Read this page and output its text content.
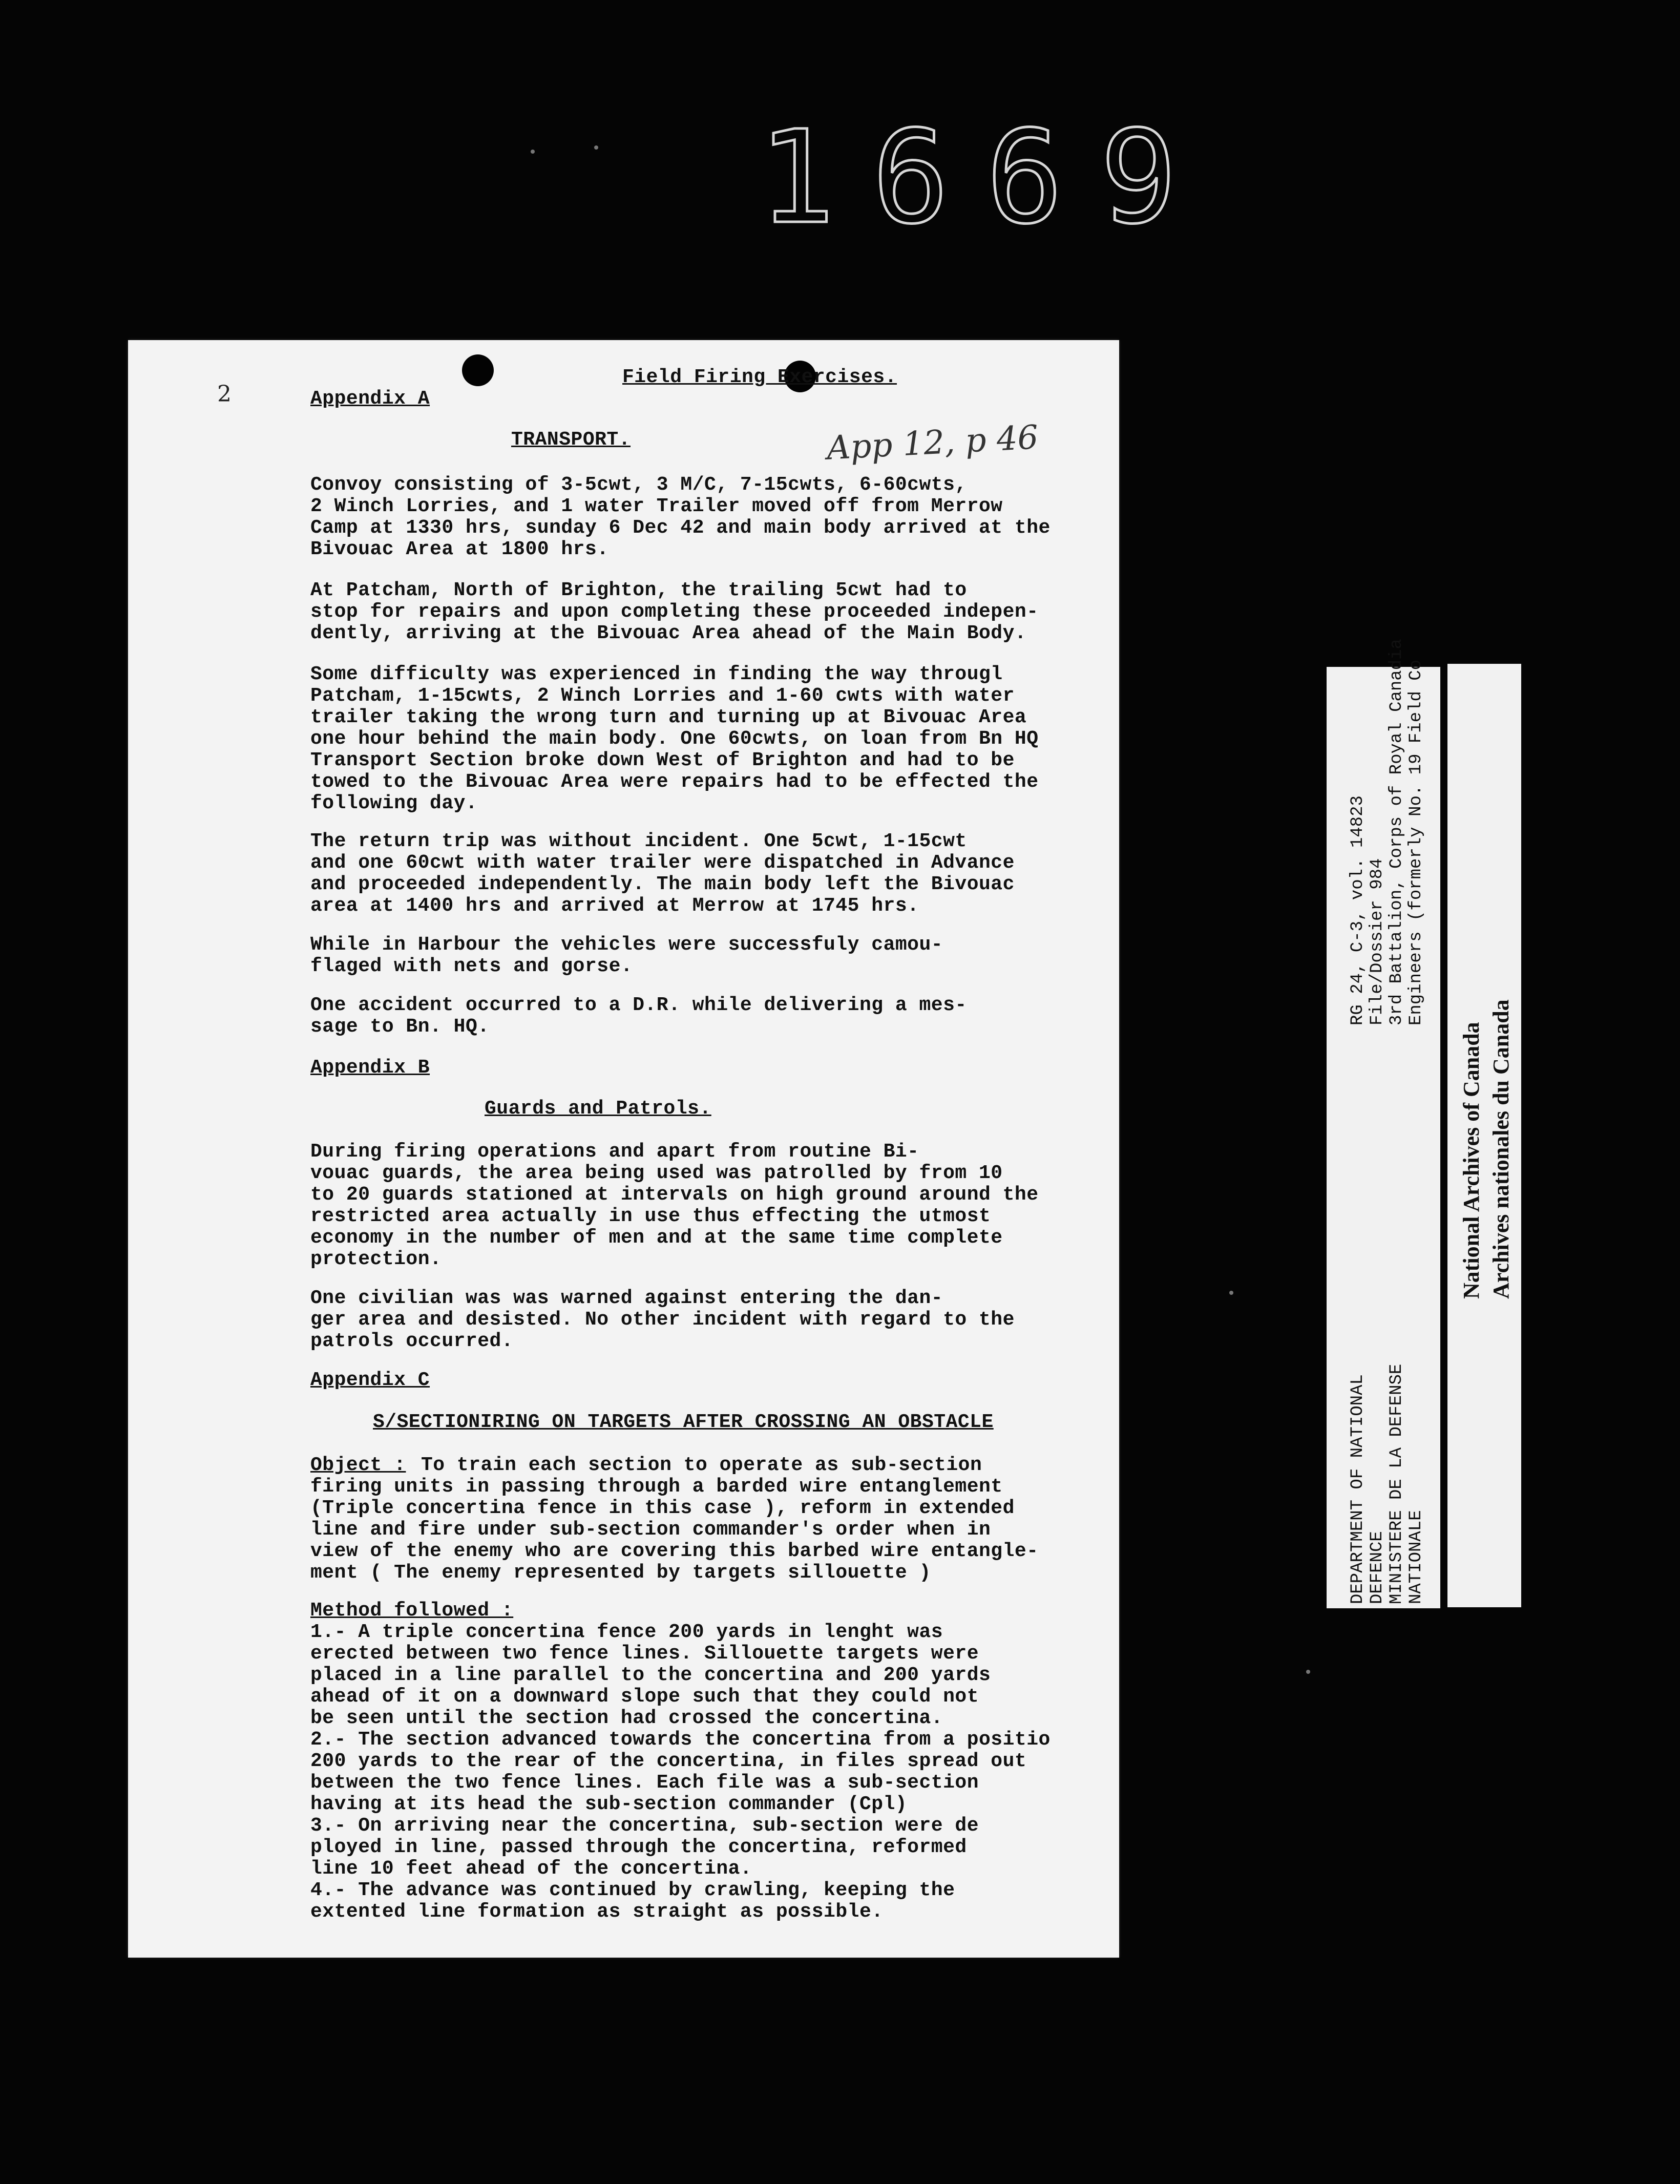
1669
2	Appendix A
Field Firing Exercises.
TRANSPORT.	App 12, p 46
Convoy consisting of 3-5cwt, 3 M/C, 7-15cwts, 6-60cwts,
2 Winch Lorries, and 1 water Trailer moved off from Merrow
Camp at 1330 hrs, sunday 6 Dec 42 and main body arrived at the
Bivouac Area at 1800 hrs.
At Patcham, North of Brighton, the trailing 5cwt had to
stop for repairs and upon completing these proceeded indepen-
dently, arriving at the Bivouac Area ahead of the Main Body.
Some difficulty was experienced in finding the way througl
Patcham, 1-15cwts, 2 Winch Lorries and 1-60 cwts with water
trailer taking the wrong turn and turning up at Bivouac Area
one hour behind the main body. One 60cwts, on loan from Bn HQ
Transport Section broke down West of Brighton and had to be
towed to the Bivouac Area were repairs had to be effected the
following day.
The return trip was without incident. One 5cwt, 1-15cwt
and one 60cwt with water trailer were dispatched in Advance
and proceeded independently. The main body left the Bivouac
area at 1400 hrs and arrived at Merrow at 1745 hrs.
While in Harbour the vehicles were successfuly camou-
flaged with nets and gorse.
One accident occurred to a D.R. while delivering a mes-
sage to Bn. HQ.
Appendix B
Guards and Patrols.
During firing operations and apart from routine Bi-
vouac guards, the area being used was patrolled by from 10
to 20 guards stationed at intervals on high ground around the
restricted area actually in use thus effecting the utmost
economy in the number of men and at the same time complete
protection.
One civilian was was warned against entering the dan-
ger area and desisted. No other incident with regard to the
patrols occurred.
Appendix C
S/SECTIONIRING ON TARGETS AFTER CROSSING AN OBSTACLE
Object : To train each section to operate as sub-section
firing units in passing through a barded wire entanglement
(Triple concertina fence in this case ), reform in extended
line and fire under sub-section commander's order when in
view of the enemy who are covering this barbed wire entangle-
ment ( The enemy represented by targets sillouette )
Method followed :
1.- A triple concertina fence 200 yards in lenght was
erected between two fence lines. Sillouette targets were
placed in a line parallel to the concertina and 200 yards
ahead of it on a downward slope such that they could not
be seen until the section had crossed the concertina.
2.- The section advanced towards the concertina from a positio
200 yards to the rear of the concertina, in files spread out
between the two fence lines. Each file was a sub-section
having at its head the sub-section commander (Cpl)
3.- On arriving near the concertina, sub-section were de
ployed in line, passed through the concertina, reformed
line 10 feet ahead of the concertina.
4.- The advance was continued by crawling, keeping the
extented line formation as straight as possible.
DEPARTMENT OF NATIONAL DEFENCE MINISTERE DE LA DEFENSE NATIONALE
RG 24, C-3, vol. 14823 File/Dossier 984 3rd Battalion, Corps of Royal Canadia Engineers (formerly No. 19 Field Co
National Archives of Canada Archives nationales du Canada
